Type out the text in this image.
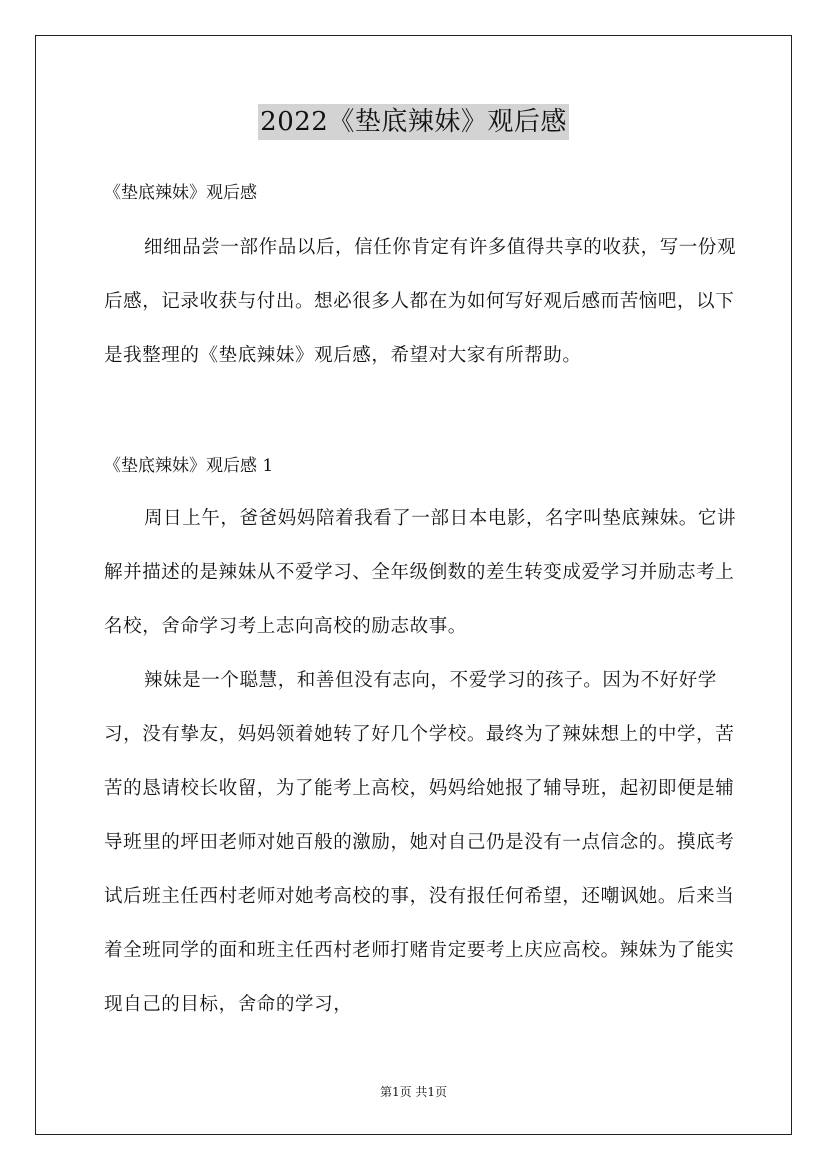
2022《垫底辣妹》观后感
《垫底辣妹》观后感

细细品尝一部作品以后，信任你肯定有许多值得共享的收获，写一份观后感，记录收获与付出。想必很多人都在为如何写好观后感而苦恼吧，以下是我整理的《垫底辣妹》观后感，希望对大家有所帮助。

《垫底辣妹》观后感 1

周日上午，爸爸妈妈陪着我看了一部日本电影，名字叫垫底辣妹。它讲解并描述的是辣妹从不爱学习、全年级倒数的差生转变成爱学习并励志考上名校，舍命学习考上志向高校的励志故事。

辣妹是一个聪慧，和善但没有志向，不爱学习的孩子。因为不好好学习，没有挚友，妈妈领着她转了好几个学校。最终为了辣妹想上的中学，苦苦的恳请校长收留，为了能考上高校，妈妈给她报了辅导班，起初即便是辅导班里的坪田老师对她百般的激励，她对自己仍是没有一点信念的。摸底考试后班主任西村老师对她考高校的事，没有报任何希望，还嘲讽她。后来当着全班同学的面和班主任西村老师打赌肯定要考上庆应高校。辣妹为了能实现自己的目标，舍命的学习，

第1页 共1页
